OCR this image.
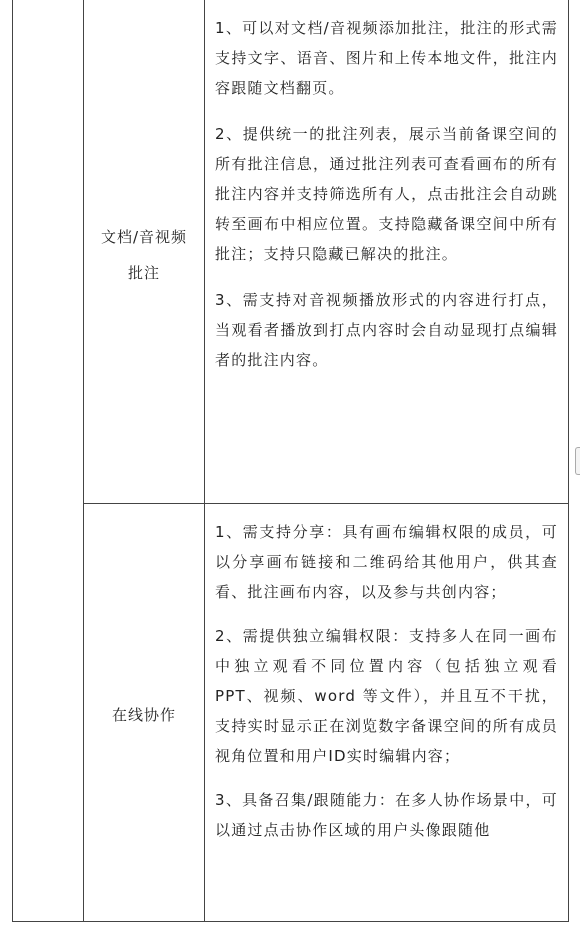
文档/音视频
批注

1、可以对文档/音视频添加批注，批注的形式需支持文字、语音、图片和上传本地文件，批注内容跟随文档翻页。

2、提供统一的批注列表，展示当前备课空间的所有批注信息，通过批注列表可查看画布的所有批注内容并支持筛选所有人，点击批注会自动跳转至画布中相应位置。支持隐藏备课空间中所有批注；支持只隐藏已解决的批注。

3、需支持对音视频播放形式的内容进行打点，当观看者播放到打点内容时会自动显现打点编辑者的批注内容。

在线协作

1、需支持分享：具有画布编辑权限的成员，可以分享画布链接和二维码给其他用户，供其查看、批注画布内容，以及参与共创内容；

2、需提供独立编辑权限：支持多人在同一画布中独立观看不同位置内容（包括独立观看 PPT、视频、word 等文件），并且互不干扰，支持实时显示正在浏览数字备课空间的所有成员视角位置和用户ID实时编辑内容；

3、具备召集/跟随能力：在多人协作场景中，可以通过点击协作区域的用户头像跟随他
